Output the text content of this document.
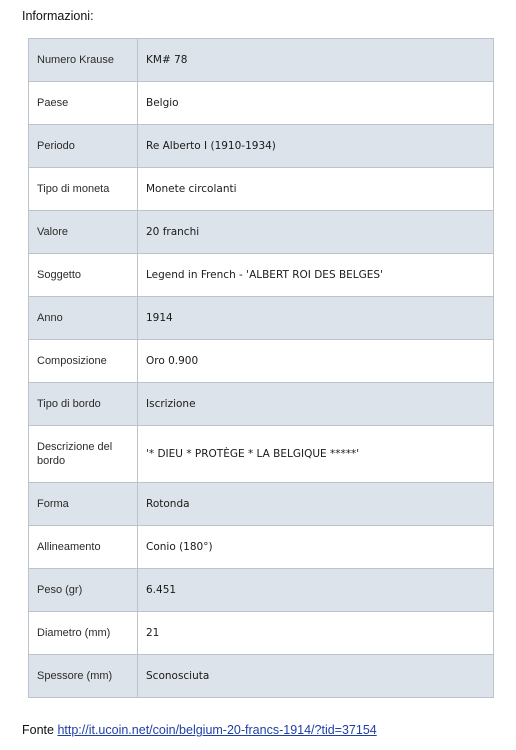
Informazioni:
Numero Krause	KM# 78
Paese	Belgio
Periodo	Re Alberto I (1910-1934)
Tipo di moneta	Monete circolanti
Valore	20 franchi
Soggetto	Legend in French - 'ALBERT ROI DES BELGES'
Anno	1914
Composizione	Oro 0.900
Tipo di bordo	Iscrizione
Descrizione del bordo	'* DIEU * PROTÈGE * LA BELGIQUE *****'
Forma	Rotonda
Allineamento	Conio (180°)
Peso (gr)	6.451
Diametro (mm)	21
Spessore (mm)	Sconosciuta
Fonte http://it.ucoin.net/coin/belgium-20-francs-1914/?tid=37154
